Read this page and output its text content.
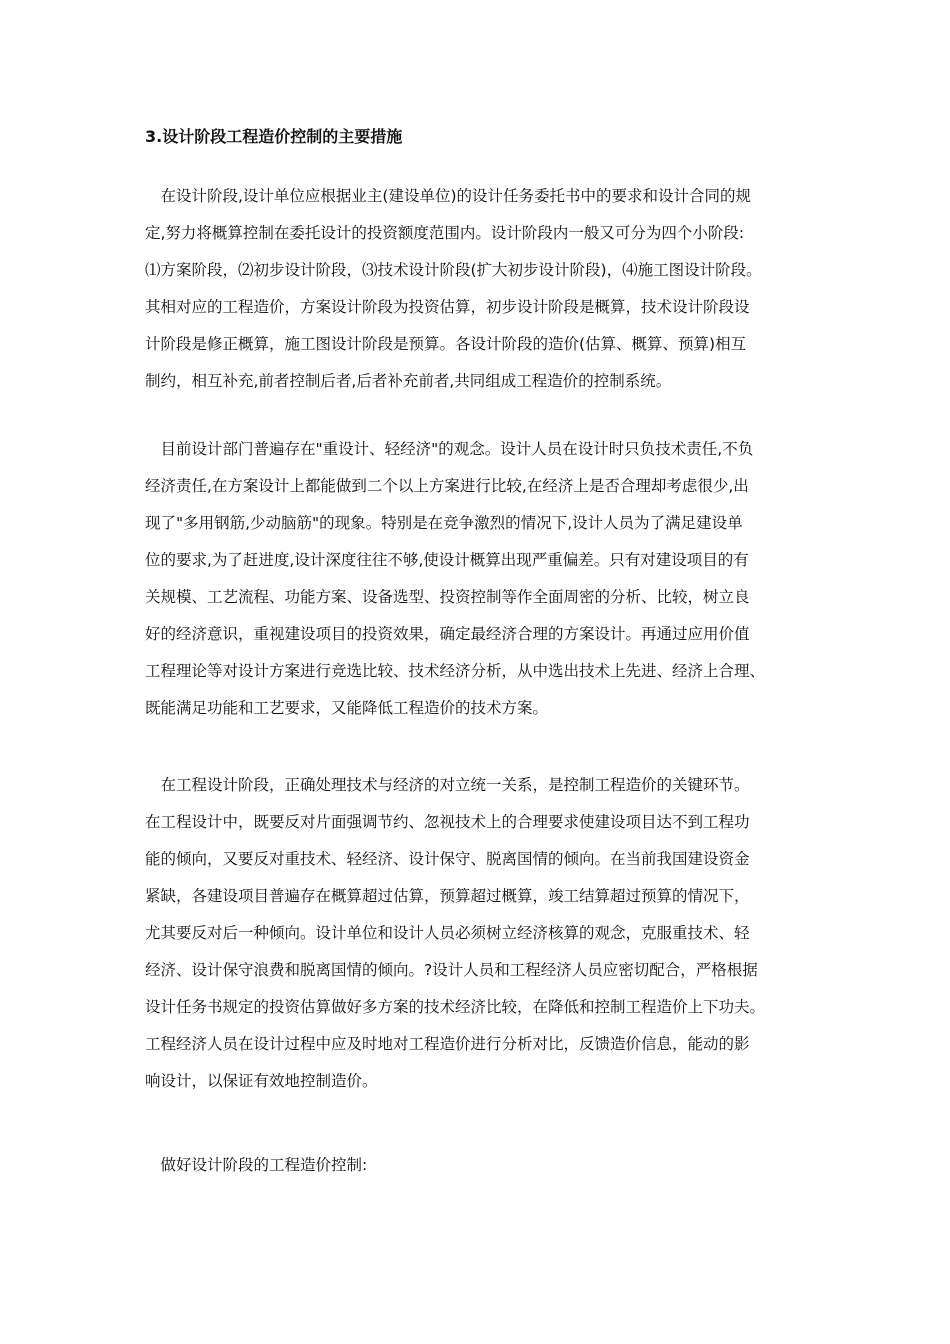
3.设计阶段工程造价控制的主要措施
　在设计阶段,设计单位应根据业主(建设单位)的设计任务委托书中的要求和设计合同的规
定,努力将概算控制在委托设计的投资额度范围内。设计阶段内一般又可分为四个小阶段:
⑴方案阶段，⑵初步设计阶段，⑶技术设计阶段(扩大初步设计阶段)，⑷施工图设计阶段。
其相对应的工程造价，方案设计阶段为投资估算，初步设计阶段是概算，技术设计阶段设
计阶段是修正概算，施工图设计阶段是预算。各设计阶段的造价(估算、概算、预算)相互
制约，相互补充,前者控制后者,后者补充前者,共同组成工程造价的控制系统。
　目前设计部门普遍存在"重设计、轻经济"的观念。设计人员在设计时只负技术责任,不负
经济责任,在方案设计上都能做到二个以上方案进行比较,在经济上是否合理却考虑很少,出
现了"多用钢筋,少动脑筋"的现象。特别是在竞争激烈的情况下,设计人员为了满足建设单
位的要求,为了赶进度,设计深度往往不够,使设计概算出现严重偏差。只有对建设项目的有
关规模、工艺流程、功能方案、设备选型、投资控制等作全面周密的分析、比较，树立良
好的经济意识，重视建设项目的投资效果，确定最经济合理的方案设计。再通过应用价值
工程理论等对设计方案进行竞选比较、技术经济分析，从中选出技术上先进、经济上合理、
既能满足功能和工艺要求，又能降低工程造价的技术方案。
　在工程设计阶段，正确处理技术与经济的对立统一关系，是控制工程造价的关键环节。
在工程设计中，既要反对片面强调节约、忽视技术上的合理要求使建设项目达不到工程功
能的倾向，又要反对重技术、轻经济、设计保守、脱离国情的倾向。在当前我国建设资金
紧缺，各建设项目普遍存在概算超过估算，预算超过概算，竣工结算超过预算的情况下，
尤其要反对后一种倾向。设计单位和设计人员必须树立经济核算的观念，克服重技术、轻
经济、设计保守浪费和脱离国情的倾向。?设计人员和工程经济人员应密切配合，严格根据
设计任务书规定的投资估算做好多方案的技术经济比较，在降低和控制工程造价上下功夫。
工程经济人员在设计过程中应及时地对工程造价进行分析对比，反馈造价信息，能动的影
响设计，以保证有效地控制造价。
　做好设计阶段的工程造价控制:
